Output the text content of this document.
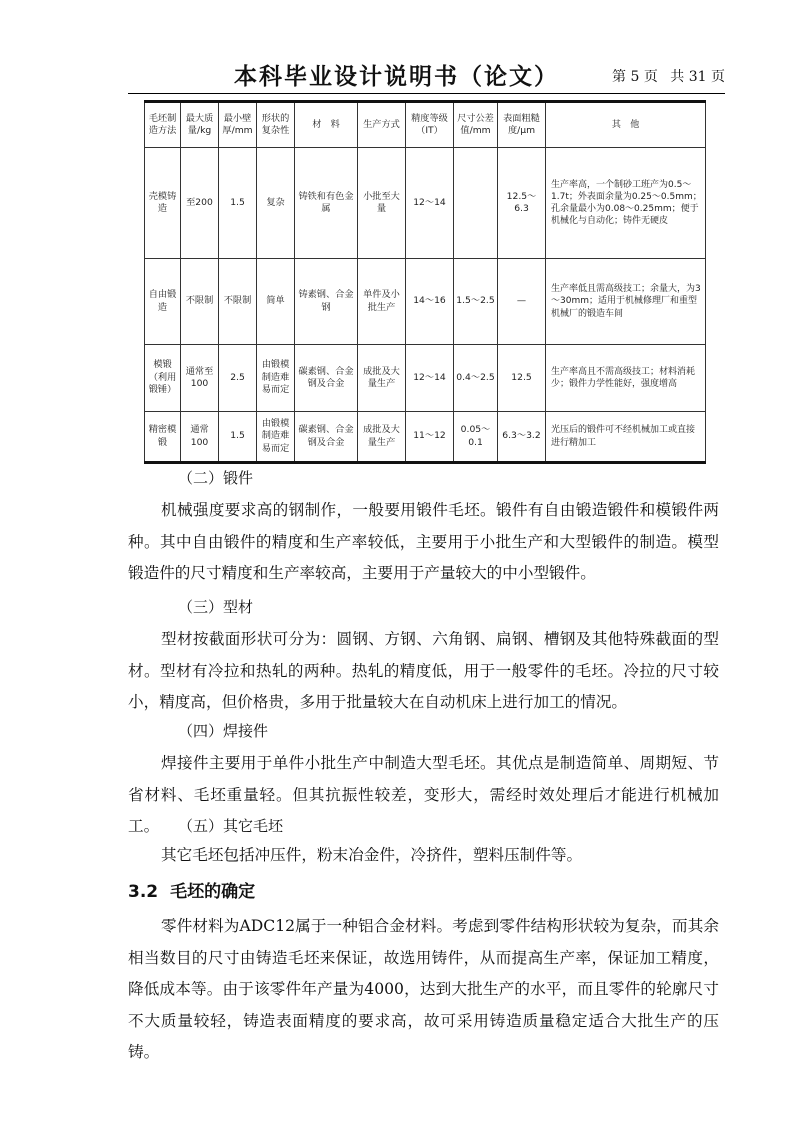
本科毕业设计说明书（论文）	第 5 页 共 31 页
毛坯制造方法	最大质量/kg	最小壁厚/mm	形状的复杂性	材　料	生产方式	精度等级（IT）	尺寸公差值/mm	表面粗糙度/μm	其　他
壳模铸造	至200	1.5	复杂	铸铁和有色金属	小批至大量	12～14		12.5～6.3	生产率高，一个制砂工班产为0.5～1.7t；外表面余量为0.25～0.5mm；孔余量最小为0.08～0.25mm；便于机械化与自动化；铸件无硬皮
自由锻造	不限制	不限制	简单	铸素钢、合金钢	单件及小批生产	14～16	1.5～2.5	—	生产率低且需高级技工；余量大，为3～30mm；适用于机械修理厂和重型机械厂的锻造车间
模锻（利用锻锤）	通常至100	2.5	由锻模制造难易而定	碳素钢、合金钢及合金	成批及大量生产	12～14	0.4～2.5	12.5	生产率高且不需高级技工；材料消耗少；锻件力学性能好，强度增高
精密模锻	通常100	1.5	由锻模制造难易而定	碳素钢、合金钢及合金	成批及大量生产	11～12	0.05～0.1	6.3～3.2	光压后的锻件可不经机械加工或直接进行精加工
（二）锻件

机械强度要求高的钢制作，一般要用锻件毛坯。锻件有自由锻造锻件和模锻件两种。其中自由锻件的精度和生产率较低，主要用于小批生产和大型锻件的制造。模型锻造件的尺寸精度和生产率较高，主要用于产量较大的中小型锻件。

（三）型材

型材按截面形状可分为：圆钢、方钢、六角钢、扁钢、槽钢及其他特殊截面的型材。型材有冷拉和热轧的两种。热轧的精度低，用于一般零件的毛坯。冷拉的尺寸较小，精度高，但价格贵，多用于批量较大在自动机床上进行加工的情况。

（四）焊接件

焊接件主要用于单件小批生产中制造大型毛坯。其优点是制造简单、周期短、节省材料、毛坯重量轻。但其抗振性较差，变形大，需经时效处理后才能进行机械加工。	（五）其它毛坯

其它毛坯包括冲压件，粉末冶金件，冷挤件，塑料压制件等。

3.2 毛坯的确定

零件材料为ADC12属于一种铝合金材料。考虑到零件结构形状较为复杂，而其余相当数目的尺寸由铸造毛坯来保证，故选用铸件，从而提高生产率，保证加工精度，降低成本等。由于该零件年产量为4000，达到大批生产的水平，而且零件的轮廓尺寸不大质量较轻，铸造表面精度的要求高，故可采用铸造质量稳定适合大批生产的压铸。
